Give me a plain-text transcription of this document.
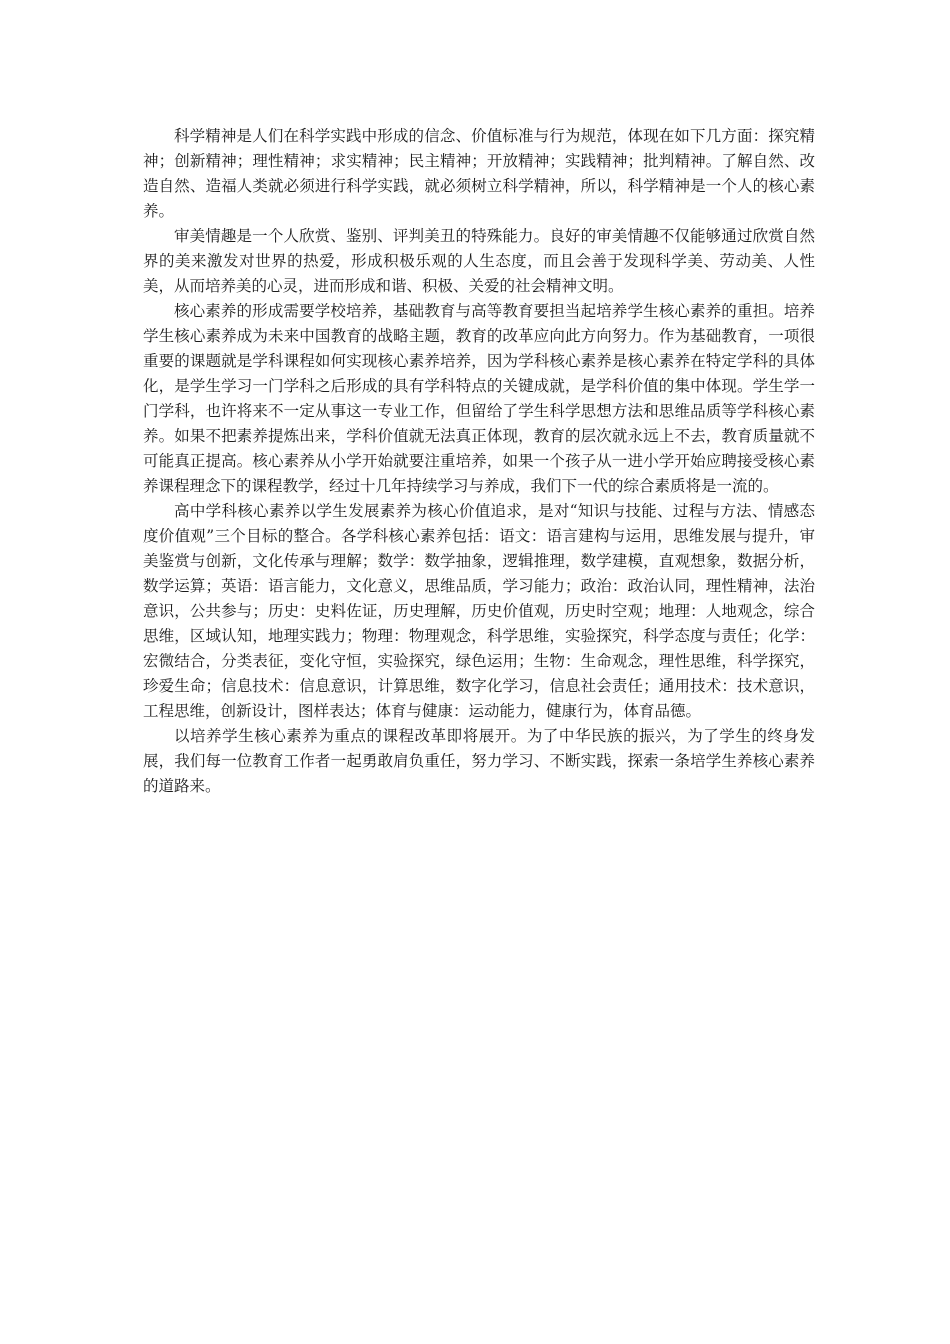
科学精神是人们在科学实践中形成的信念、价值标准与行为规范，体现在如下几方面：探究精神；创新精神；理性精神；求实精神；民主精神；开放精神；实践精神；批判精神。了解自然、改造自然、造福人类就必须进行科学实践，就必须树立科学精神，所以，科学精神是一个人的核心素养。

审美情趣是一个人欣赏、鉴别、评判美丑的特殊能力。良好的审美情趣不仅能够通过欣赏自然界的美来激发对世界的热爱，形成积极乐观的人生态度，而且会善于发现科学美、劳动美、人性美，从而培养美的心灵，进而形成和谐、积极、关爱的社会精神文明。

核心素养的形成需要学校培养，基础教育与高等教育要担当起培养学生核心素养的重担。培养学生核心素养成为未来中国教育的战略主题，教育的改革应向此方向努力。作为基础教育，一项很重要的课题就是学科课程如何实现核心素养培养，因为学科核心素养是核心素养在特定学科的具体化，是学生学习一门学科之后形成的具有学科特点的关键成就，是学科价值的集中体现。学生学一门学科，也许将来不一定从事这一专业工作，但留给了学生科学思想方法和思维品质等学科核心素养。如果不把素养提炼出来，学科价值就无法真正体现，教育的层次就永远上不去，教育质量就不可能真正提高。核心素养从小学开始就要注重培养，如果一个孩子从一进小学开始应聘接受核心素养课程理念下的课程教学，经过十几年持续学习与养成，我们下一代的综合素质将是一流的。

高中学科核心素养以学生发展素养为核心价值追求，是对“知识与技能、过程与方法、情感态度价值观”三个目标的整合。各学科核心素养包括：语文：语言建构与运用，思维发展与提升，审美鉴赏与创新，文化传承与理解；数学：数学抽象，逻辑推理，数学建模，直观想象，数据分析，数学运算；英语：语言能力，文化意义，思维品质，学习能力；政治：政治认同，理性精神，法治意识，公共参与；历史：史料佐证，历史理解，历史价值观，历史时空观；地理：人地观念，综合思维，区域认知，地理实践力；物理：物理观念，科学思维，实验探究，科学态度与责任；化学：宏微结合，分类表征，变化守恒，实验探究，绿色运用；生物：生命观念，理性思维，科学探究，珍爱生命；信息技术：信息意识，计算思维，数字化学习，信息社会责任；通用技术：技术意识，工程思维，创新设计，图样表达；体育与健康：运动能力，健康行为，体育品德。

以培养学生核心素养为重点的课程改革即将展开。为了中华民族的振兴，为了学生的终身发展，我们每一位教育工作者一起勇敢肩负重任，努力学习、不断实践，探索一条培学生养核心素养的道路来。
